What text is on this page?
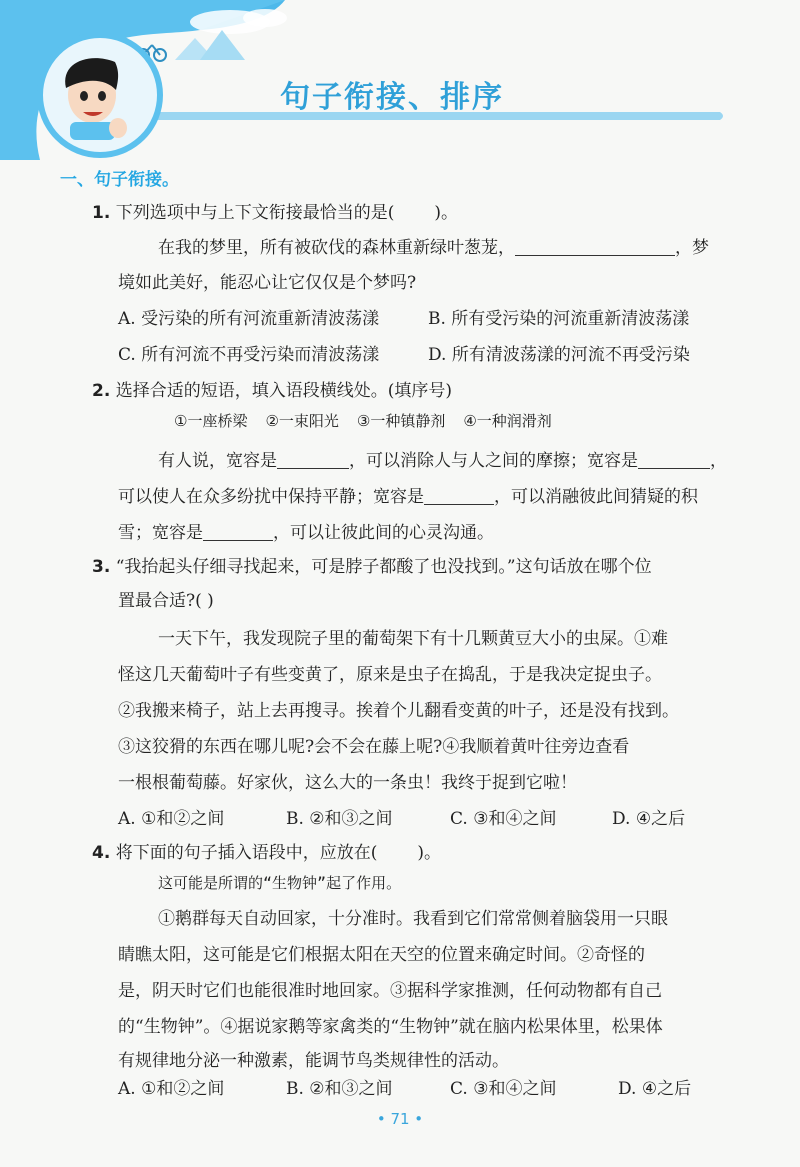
句子衔接、排序
一、句子衔接。
1. 下列选项中与上下文衔接最恰当的是( )。
在我的梦里，所有被砍伐的森林重新绿叶葱茏，	，梦
境如此美好，能忍心让它仅仅是个梦吗?
A. 受污染的所有河流重新清波荡漾	B. 所有受污染的河流重新清波荡漾
C. 所有河流不再受污染而清波荡漾	D. 所有清波荡漾的河流不再受污染
2. 选择合适的短语，填入语段横线处。(填序号)
①一座桥梁 ②一束阳光 ③一种镇静剂 ④一种润滑剂
有人说，宽容是	，可以消除人与人之间的摩擦；宽容是	，
可以使人在众多纷扰中保持平静；宽容是	，可以消融彼此间猜疑的积
雪；宽容是	，可以让彼此间的心灵沟通。
3. “我抬起头仔细寻找起来，可是脖子都酸了也没找到。”这句话放在哪个位
置最合适?( )
一天下午，我发现院子里的葡萄架下有十几颗黄豆大小的虫屎。①难
怪这几天葡萄叶子有些变黄了，原来是虫子在捣乱，于是我决定捉虫子。
②我搬来椅子，站上去再搜寻。挨着个儿翻看变黄的叶子，还是没有找到。
③这狡猾的东西在哪儿呢?会不会在藤上呢?④我顺着黄叶往旁边查看
一根根葡萄藤。好家伙，这么大的一条虫！我终于捉到它啦！
A. ①和②之间	B. ②和③之间	C. ③和④之间	D. ④之后
4. 将下面的句子插入语段中，应放在( )。
这可能是所谓的“生物钟”起了作用。
①鹅群每天自动回家，十分准时。我看到它们常常侧着脑袋用一只眼
睛瞧太阳，这可能是它们根据太阳在天空的位置来确定时间。②奇怪的
是，阴天时它们也能很准时地回家。③据科学家推测，任何动物都有自己
的“生物钟”。④据说家鹅等家禽类的“生物钟”就在脑内松果体里，松果体
有规律地分泌一种激素，能调节鸟类规律性的活动。
A. ①和②之间	B. ②和③之间	C. ③和④之间	D. ④之后
• 71 •
